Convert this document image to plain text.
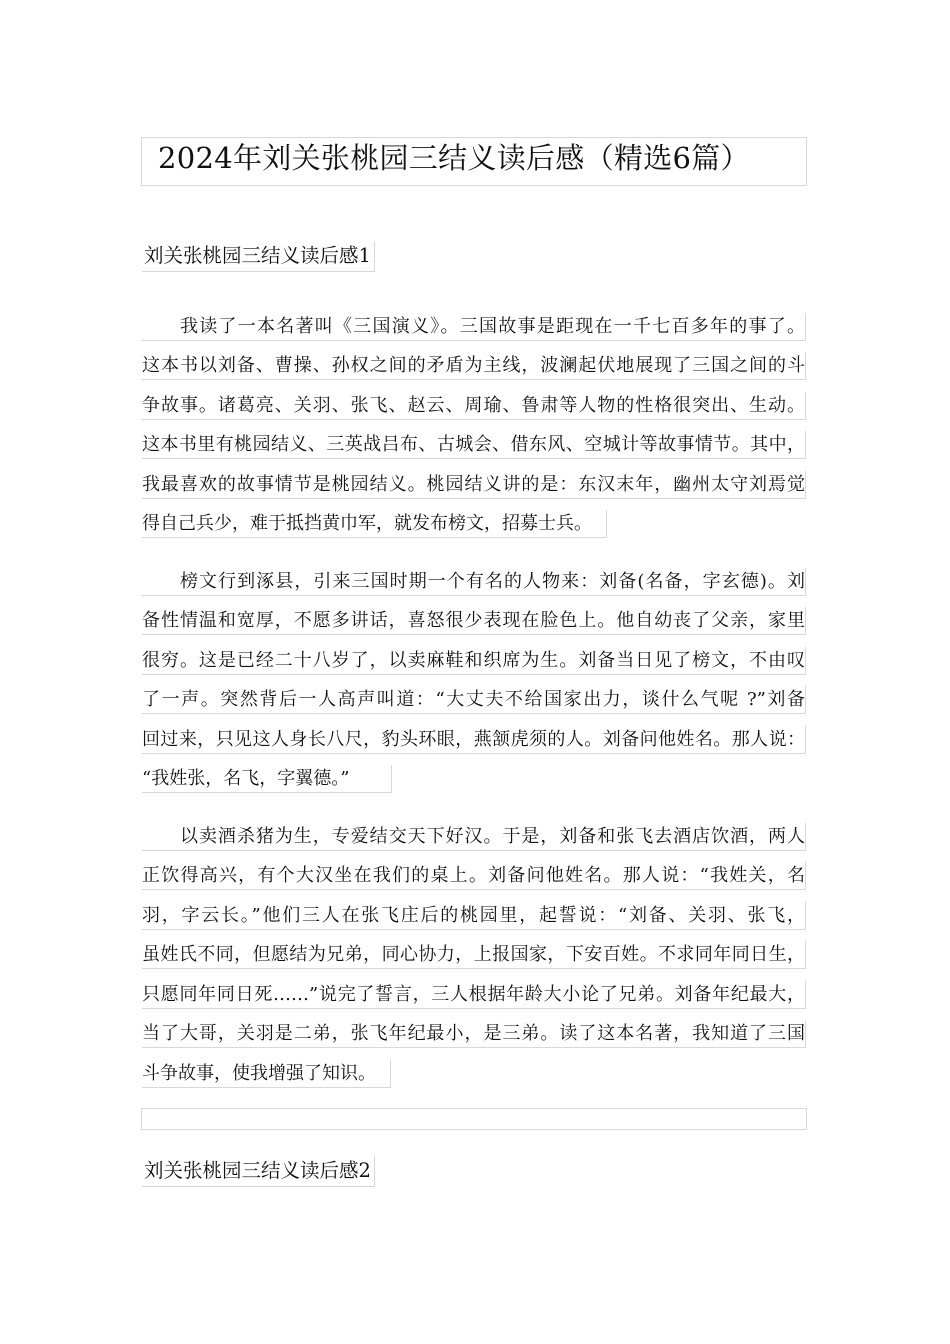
2024年刘关张桃园三结义读后感（精选6篇）
刘关张桃园三结义读后感1
我读了一本名著叫《三国演义》。三国故事是距现在一千七百多年的事了。
这本书以刘备、曹操、孙权之间的矛盾为主线，波澜起伏地展现了三国之间的斗
争故事。诸葛亮、关羽、张飞、赵云、周瑜、鲁肃等人物的性格很突出、生动。
这本书里有桃园结义、三英战吕布、古城会、借东风、空城计等故事情节。其中，
我最喜欢的故事情节是桃园结义。桃园结义讲的是：东汉末年，幽州太守刘焉觉
得自己兵少，难于抵挡黄巾军，就发布榜文，招募士兵。
榜文行到涿县，引来三国时期一个有名的人物来：刘备(名备，字玄德)。刘
备性情温和宽厚，不愿多讲话，喜怒很少表现在脸色上。他自幼丧了父亲，家里
很穷。这是已经二十八岁了，以卖麻鞋和织席为生。刘备当日见了榜文，不由叹
了一声。突然背后一人高声叫道：“大丈夫不给国家出力，谈什么气呢 ?”刘备
回过来，只见这人身长八尺，豹头环眼，燕颔虎须的人。刘备问他姓名。那人说：
“我姓张，名飞，字翼德。”
以卖酒杀猪为生，专爱结交天下好汉。于是，刘备和张飞去酒店饮酒，两人
正饮得高兴，有个大汉坐在我们的桌上。刘备问他姓名。那人说：“我姓关，名
羽，字云长。”他们三人在张飞庄后的桃园里，起誓说：“刘备、关羽、张飞，
虽姓氏不同，但愿结为兄弟，同心协力，上报国家，下安百姓。不求同年同日生，
只愿同年同日死……”说完了誓言，三人根据年龄大小论了兄弟。刘备年纪最大，
当了大哥，关羽是二弟，张飞年纪最小，是三弟。读了这本名著，我知道了三国
斗争故事，使我增强了知识。
刘关张桃园三结义读后感2
